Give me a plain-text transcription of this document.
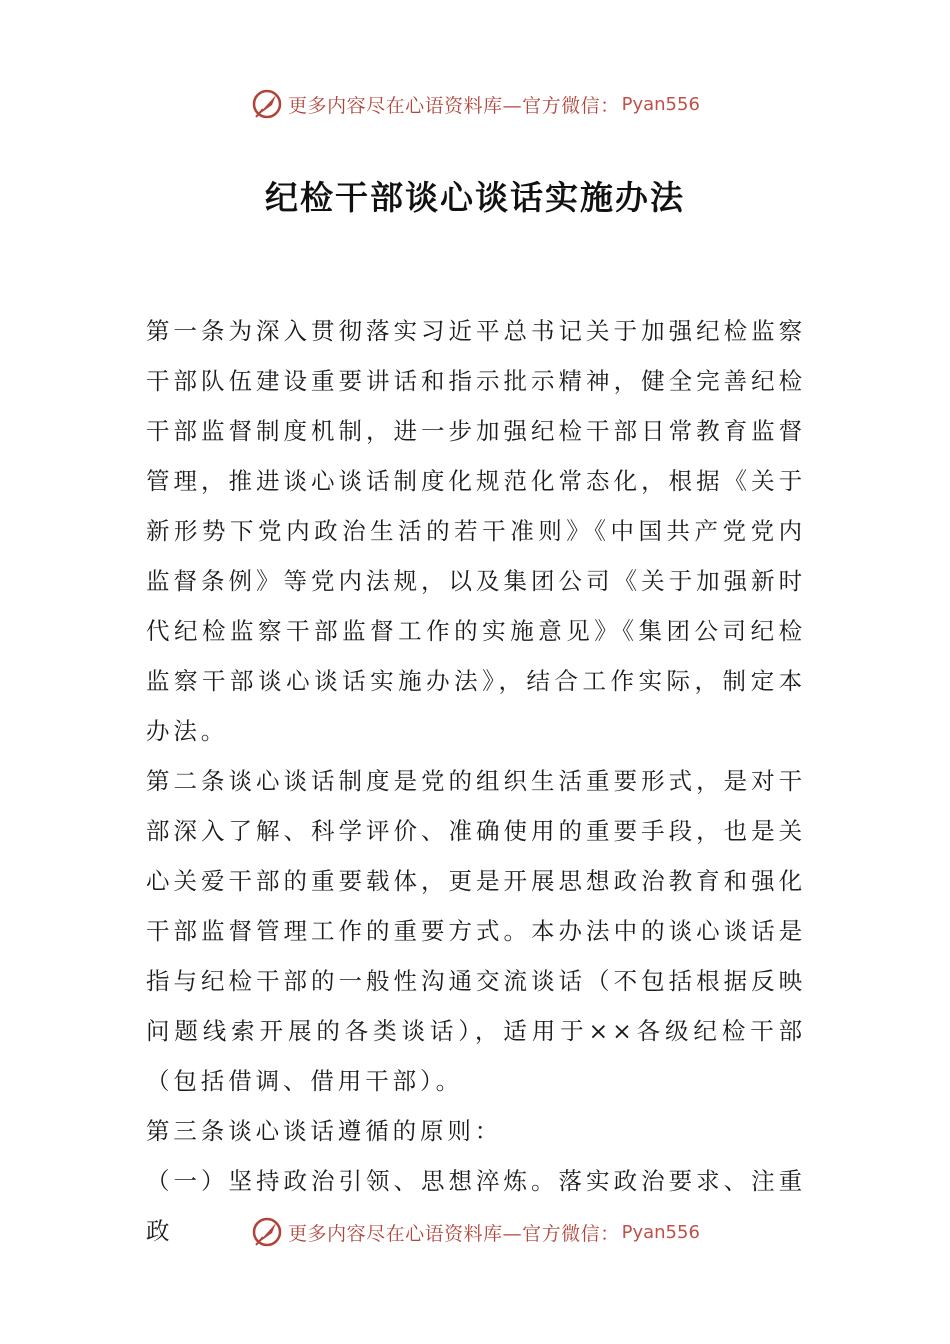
更多内容尽在心语资料库—官方微信： Pyan556
纪检干部谈心谈话实施办法

第一条为深入贯彻落实习近平总书记关于加强纪检监察干部队伍建设重要讲话和指示批示精神，健全完善纪检干部监督制度机制，进一步加强纪检干部日常教育监督管理，推进谈心谈话制度化规范化常态化，根据《关于新形势下党内政治生活的若干准则》《中国共产党党内监督条例》等党内法规，以及集团公司《关于加强新时代纪检监察干部监督工作的实施意见》《集团公司纪检监察干部谈心谈话实施办法》，结合工作实际，制定本办法。

第二条谈心谈话制度是党的组织生活重要形式，是对干部深入了解、科学评价、准确使用的重要手段，也是关心关爱干部的重要载体，更是开展思想政治教育和强化干部监督管理工作的重要方式。本办法中的谈心谈话是指与纪检干部的一般性沟通交流谈话（不包括根据反映问题线索开展的各类谈话），适用于××各级纪检干部（包括借调、借用干部）。

第三条谈心谈话遵循的原则：

（一）坚持政治引领、思想淬炼。落实政治要求、注重政	更多内容尽在心语资料库—官方微信： Pyan556
